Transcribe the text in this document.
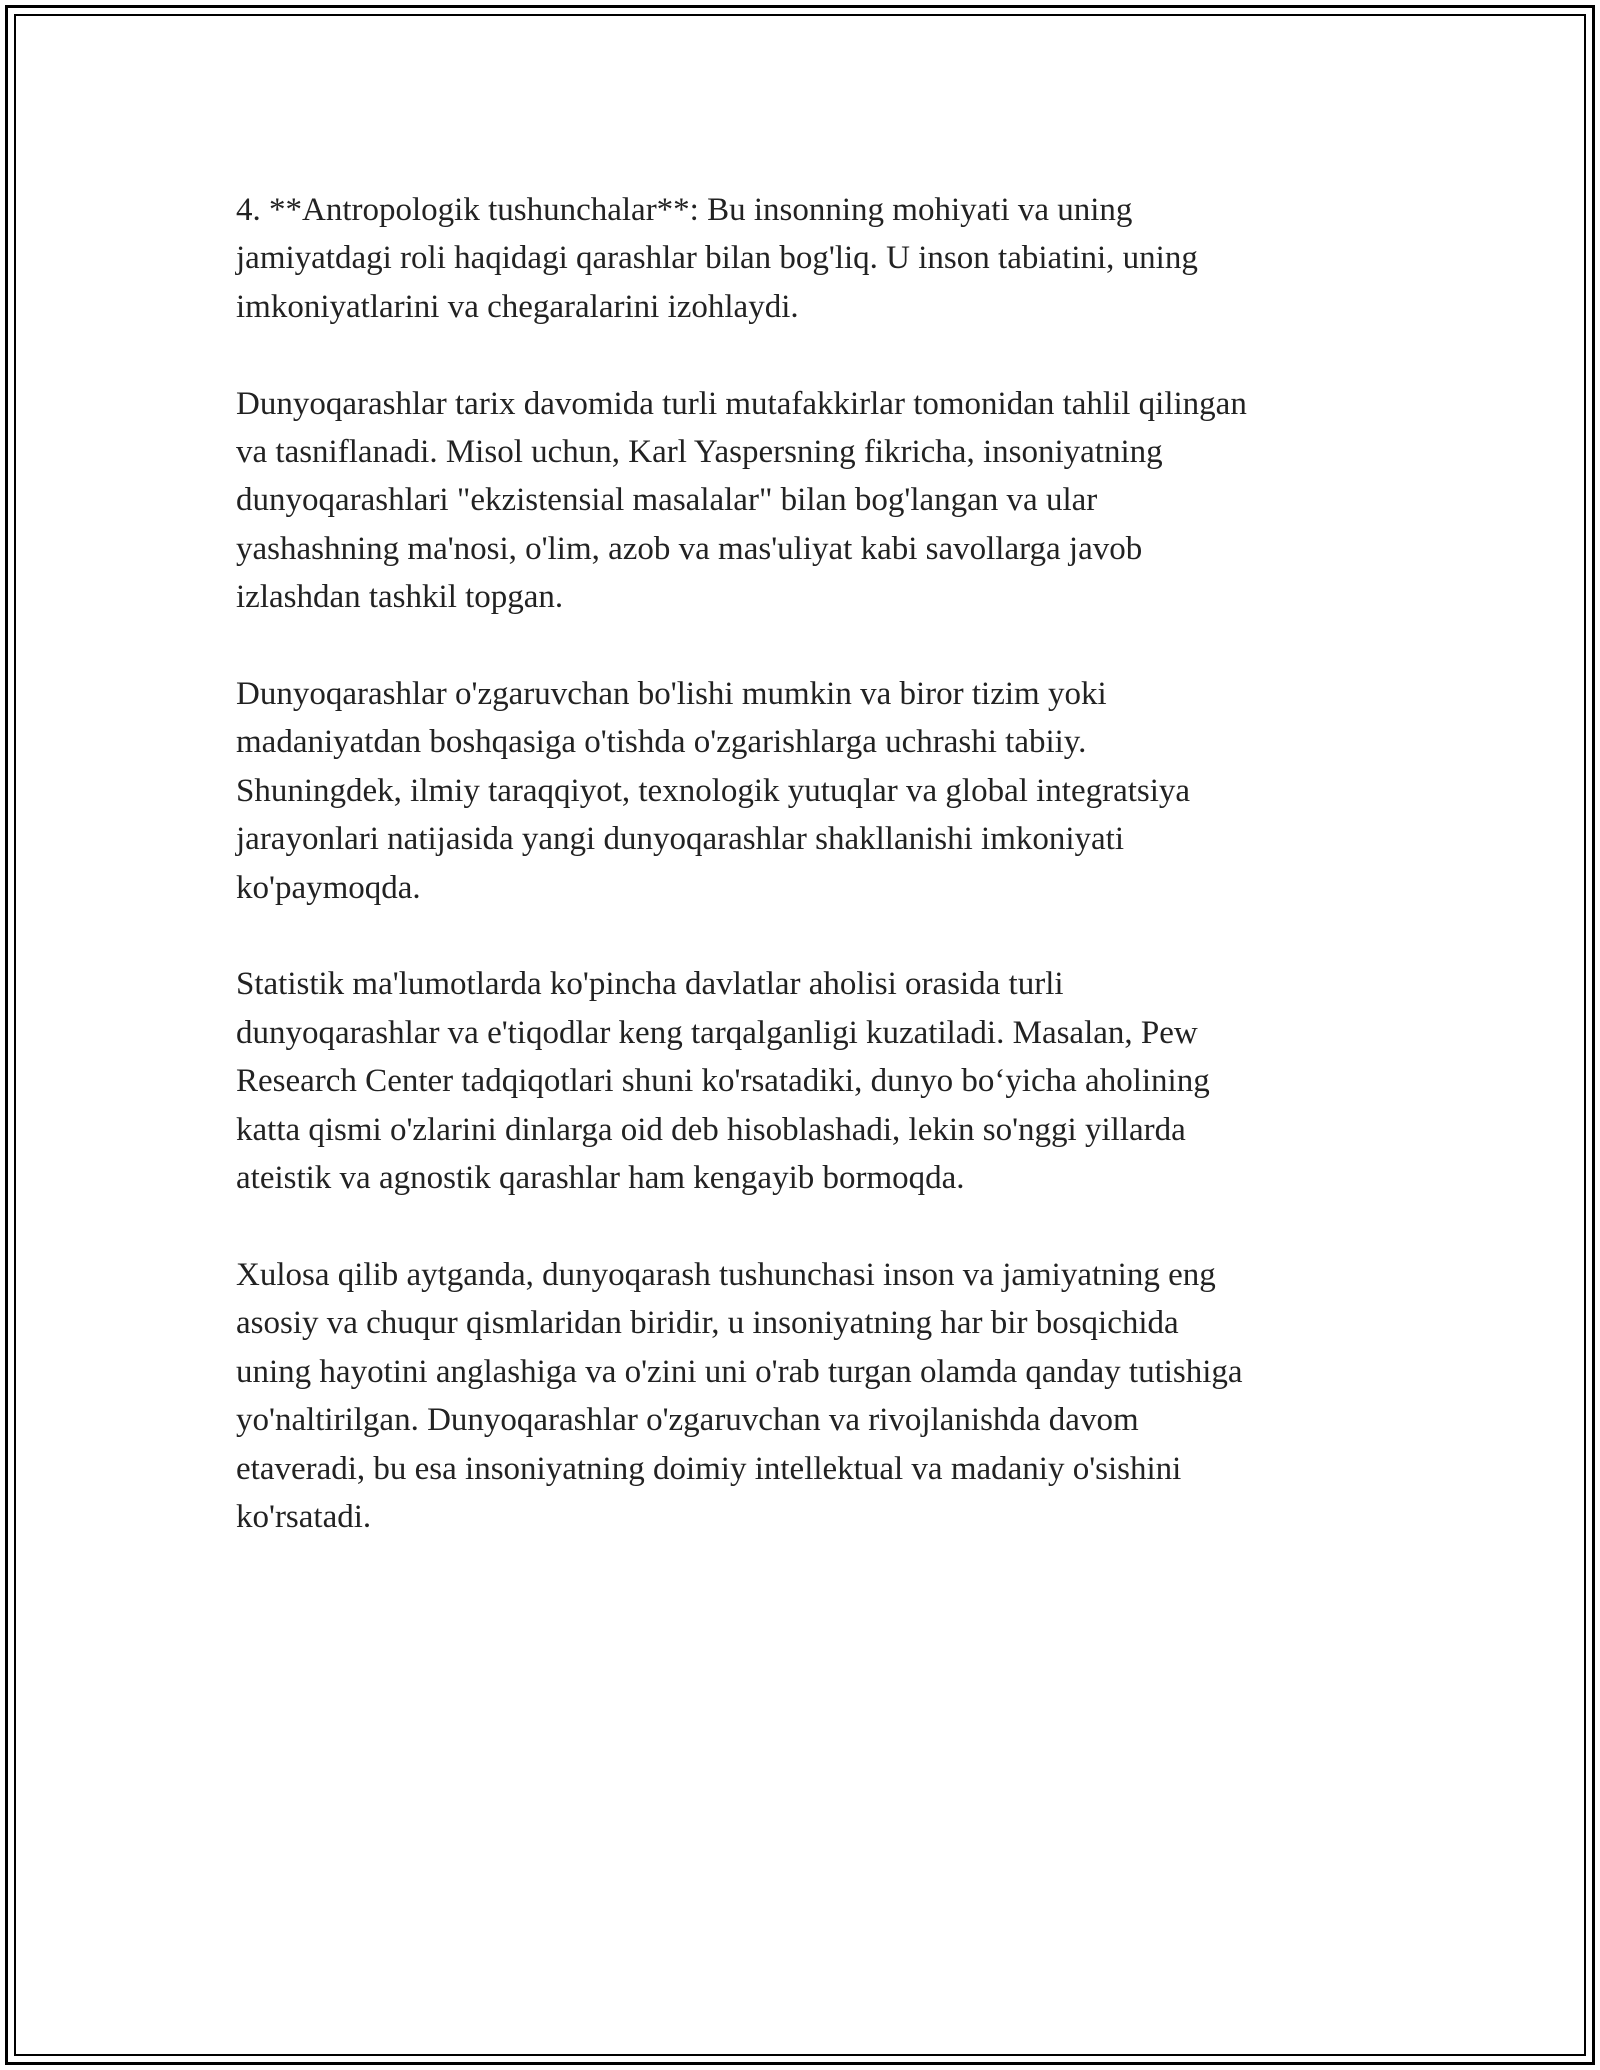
4. **Antropologik tushunchalar**: Bu insonning mohiyati va uning
jamiyatdagi roli haqidagi qarashlar bilan bog'liq. U inson tabiatini, uning
imkoniyatlarini va chegaralarini izohlaydi.

Dunyoqarashlar tarix davomida turli mutafakkirlar tomonidan tahlil qilingan
va tasniflanadi. Misol uchun, Karl Yaspersning fikricha, insoniyatning
dunyoqarashlari "ekzistensial masalalar" bilan bog'langan va ular
yashashning ma'nosi, o'lim, azob va mas'uliyat kabi savollarga javob
izlashdan tashkil topgan.

Dunyoqarashlar o'zgaruvchan bo'lishi mumkin va biror tizim yoki
madaniyatdan boshqasiga o'tishda o'zgarishlarga uchrashi tabiiy.
Shuningdek, ilmiy taraqqiyot, texnologik yutuqlar va global integratsiya
jarayonlari natijasida yangi dunyoqarashlar shakllanishi imkoniyati
ko'paymoqda.

Statistik ma'lumotlarda ko'pincha davlatlar aholisi orasida turli
dunyoqarashlar va e'tiqodlar keng tarqalganligi kuzatiladi. Masalan, Pew
Research Center tadqiqotlari shuni ko'rsatadiki, dunyo bo‘yicha aholining
katta qismi o'zlarini dinlarga oid deb hisoblashadi, lekin so'nggi yillarda
ateistik va agnostik qarashlar ham kengayib bormoqda.

Xulosa qilib aytganda, dunyoqarash tushunchasi inson va jamiyatning eng
asosiy va chuqur qismlaridan biridir, u insoniyatning har bir bosqichida
uning hayotini anglashiga va o'zini uni o'rab turgan olamda qanday tutishiga
yo'naltirilgan. Dunyoqarashlar o'zgaruvchan va rivojlanishda davom
etaveradi, bu esa insoniyatning doimiy intellektual va madaniy o'sishini
ko'rsatadi.
